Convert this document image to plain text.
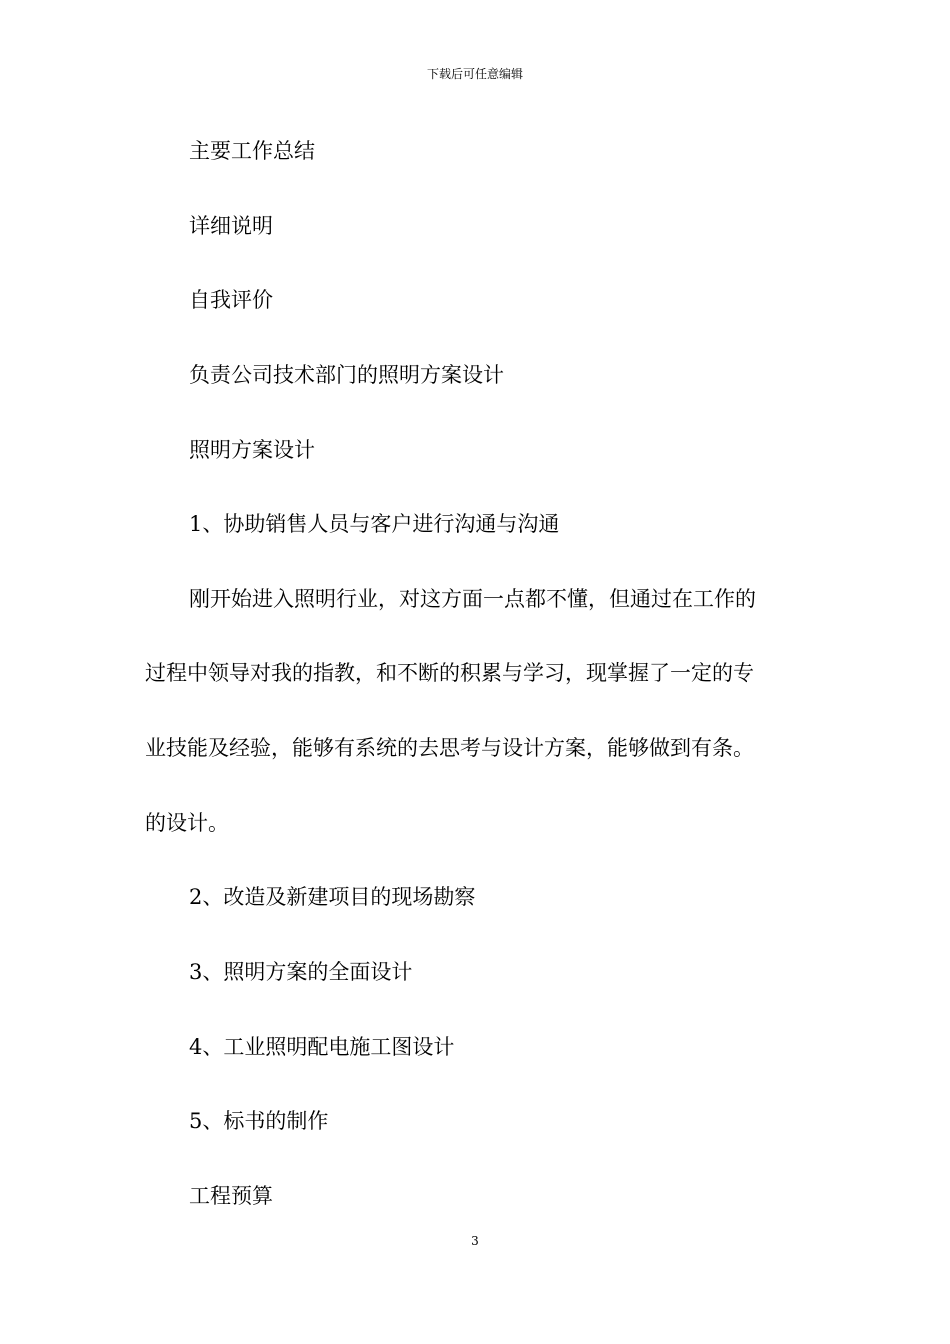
下载后可任意编辑
主要工作总结
详细说明
自我评价
负责公司技术部门的照明方案设计
照明方案设计
1、协助销售人员与客户进行沟通与沟通
刚开始进入照明行业，对这方面一点都不懂，但通过在工作的
过程中领导对我的指教，和不断的积累与学习，现掌握了一定的专
业技能及经验，能够有系统的去思考与设计方案，能够做到有条。
的设计。
2、改造及新建项目的现场勘察
3、照明方案的全面设计
4、工业照明配电施工图设计
5、标书的制作
工程预算
3
